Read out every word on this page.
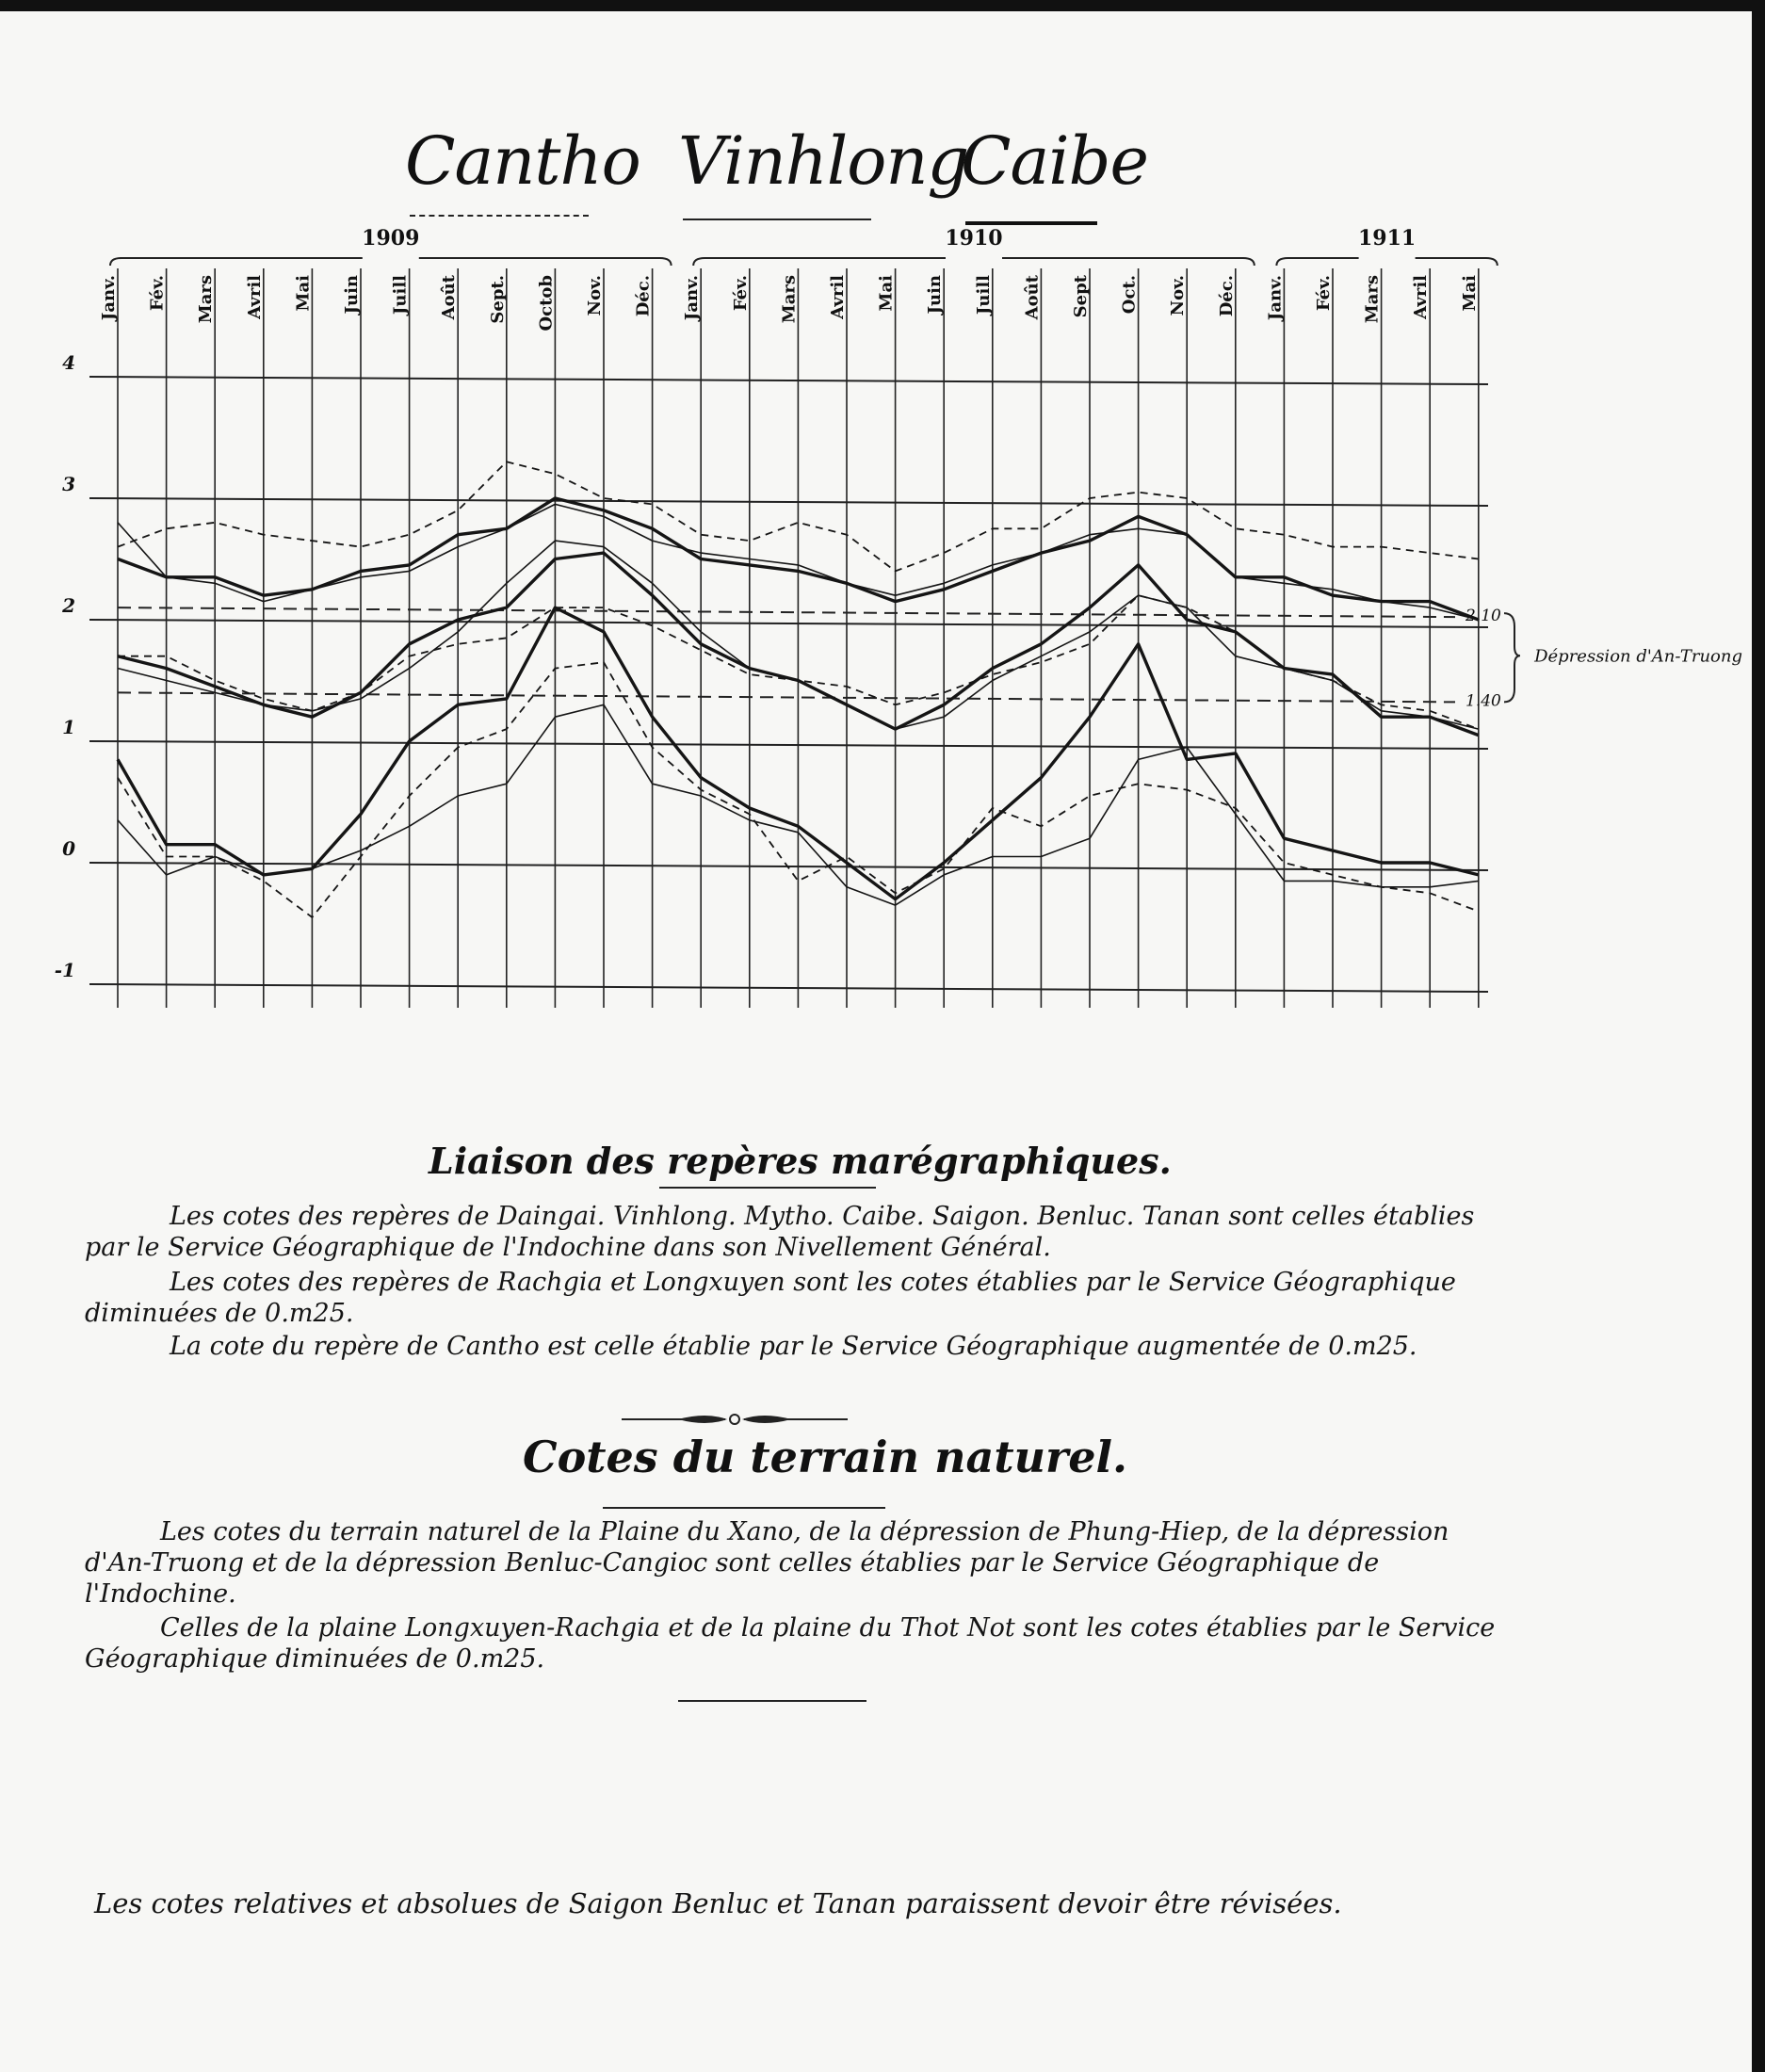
Cantho Vinhlong
Caibe
4
3
2
1
0
-1
2.10
1.40
Dépression d'An-Truong
1909	1910	1911
Janv. Fév. Mars Avril Mai Juin Juill Août Sept. Octob Nov. Déc. Janv. Fév. Mars Avril Mai Juin Juill Août Sept Oct. Nov. Déc. Janv. Fév. Mars Avril Mai
Liaison des repères marégraphiques.
Les cotes des repères de Daingai. Vinhlong. Mytho. Caibe. Saigon. Benluc. Tanan sont celles établies par le Service Géographique de l'Indochine dans son Nivellement Général.
Les cotes des repères de Rachgia et Longxuyen sont les cotes établies par le Service Géographique diminuées de 0.m25.
La cote du repère de Cantho est celle établie par le Service Géographique augmentée de 0.m25.
Cotes du terrain naturel.
Les cotes du terrain naturel de la Plaine du Xano, de la dépression de Phung-Hiep, de la dépression d'An-Truong et de la dépression Benluc-Cangioc sont celles établies par le Service Géographique de l'Indochine.
Celles de la plaine Longxuyen-Rachgia et de la plaine du Thot Not sont les cotes établies par le Service Géographique diminuées de 0.m25.
Les cotes relatives et absolues de Saigon Benluc et Tanan paraissent devoir être révisées.
